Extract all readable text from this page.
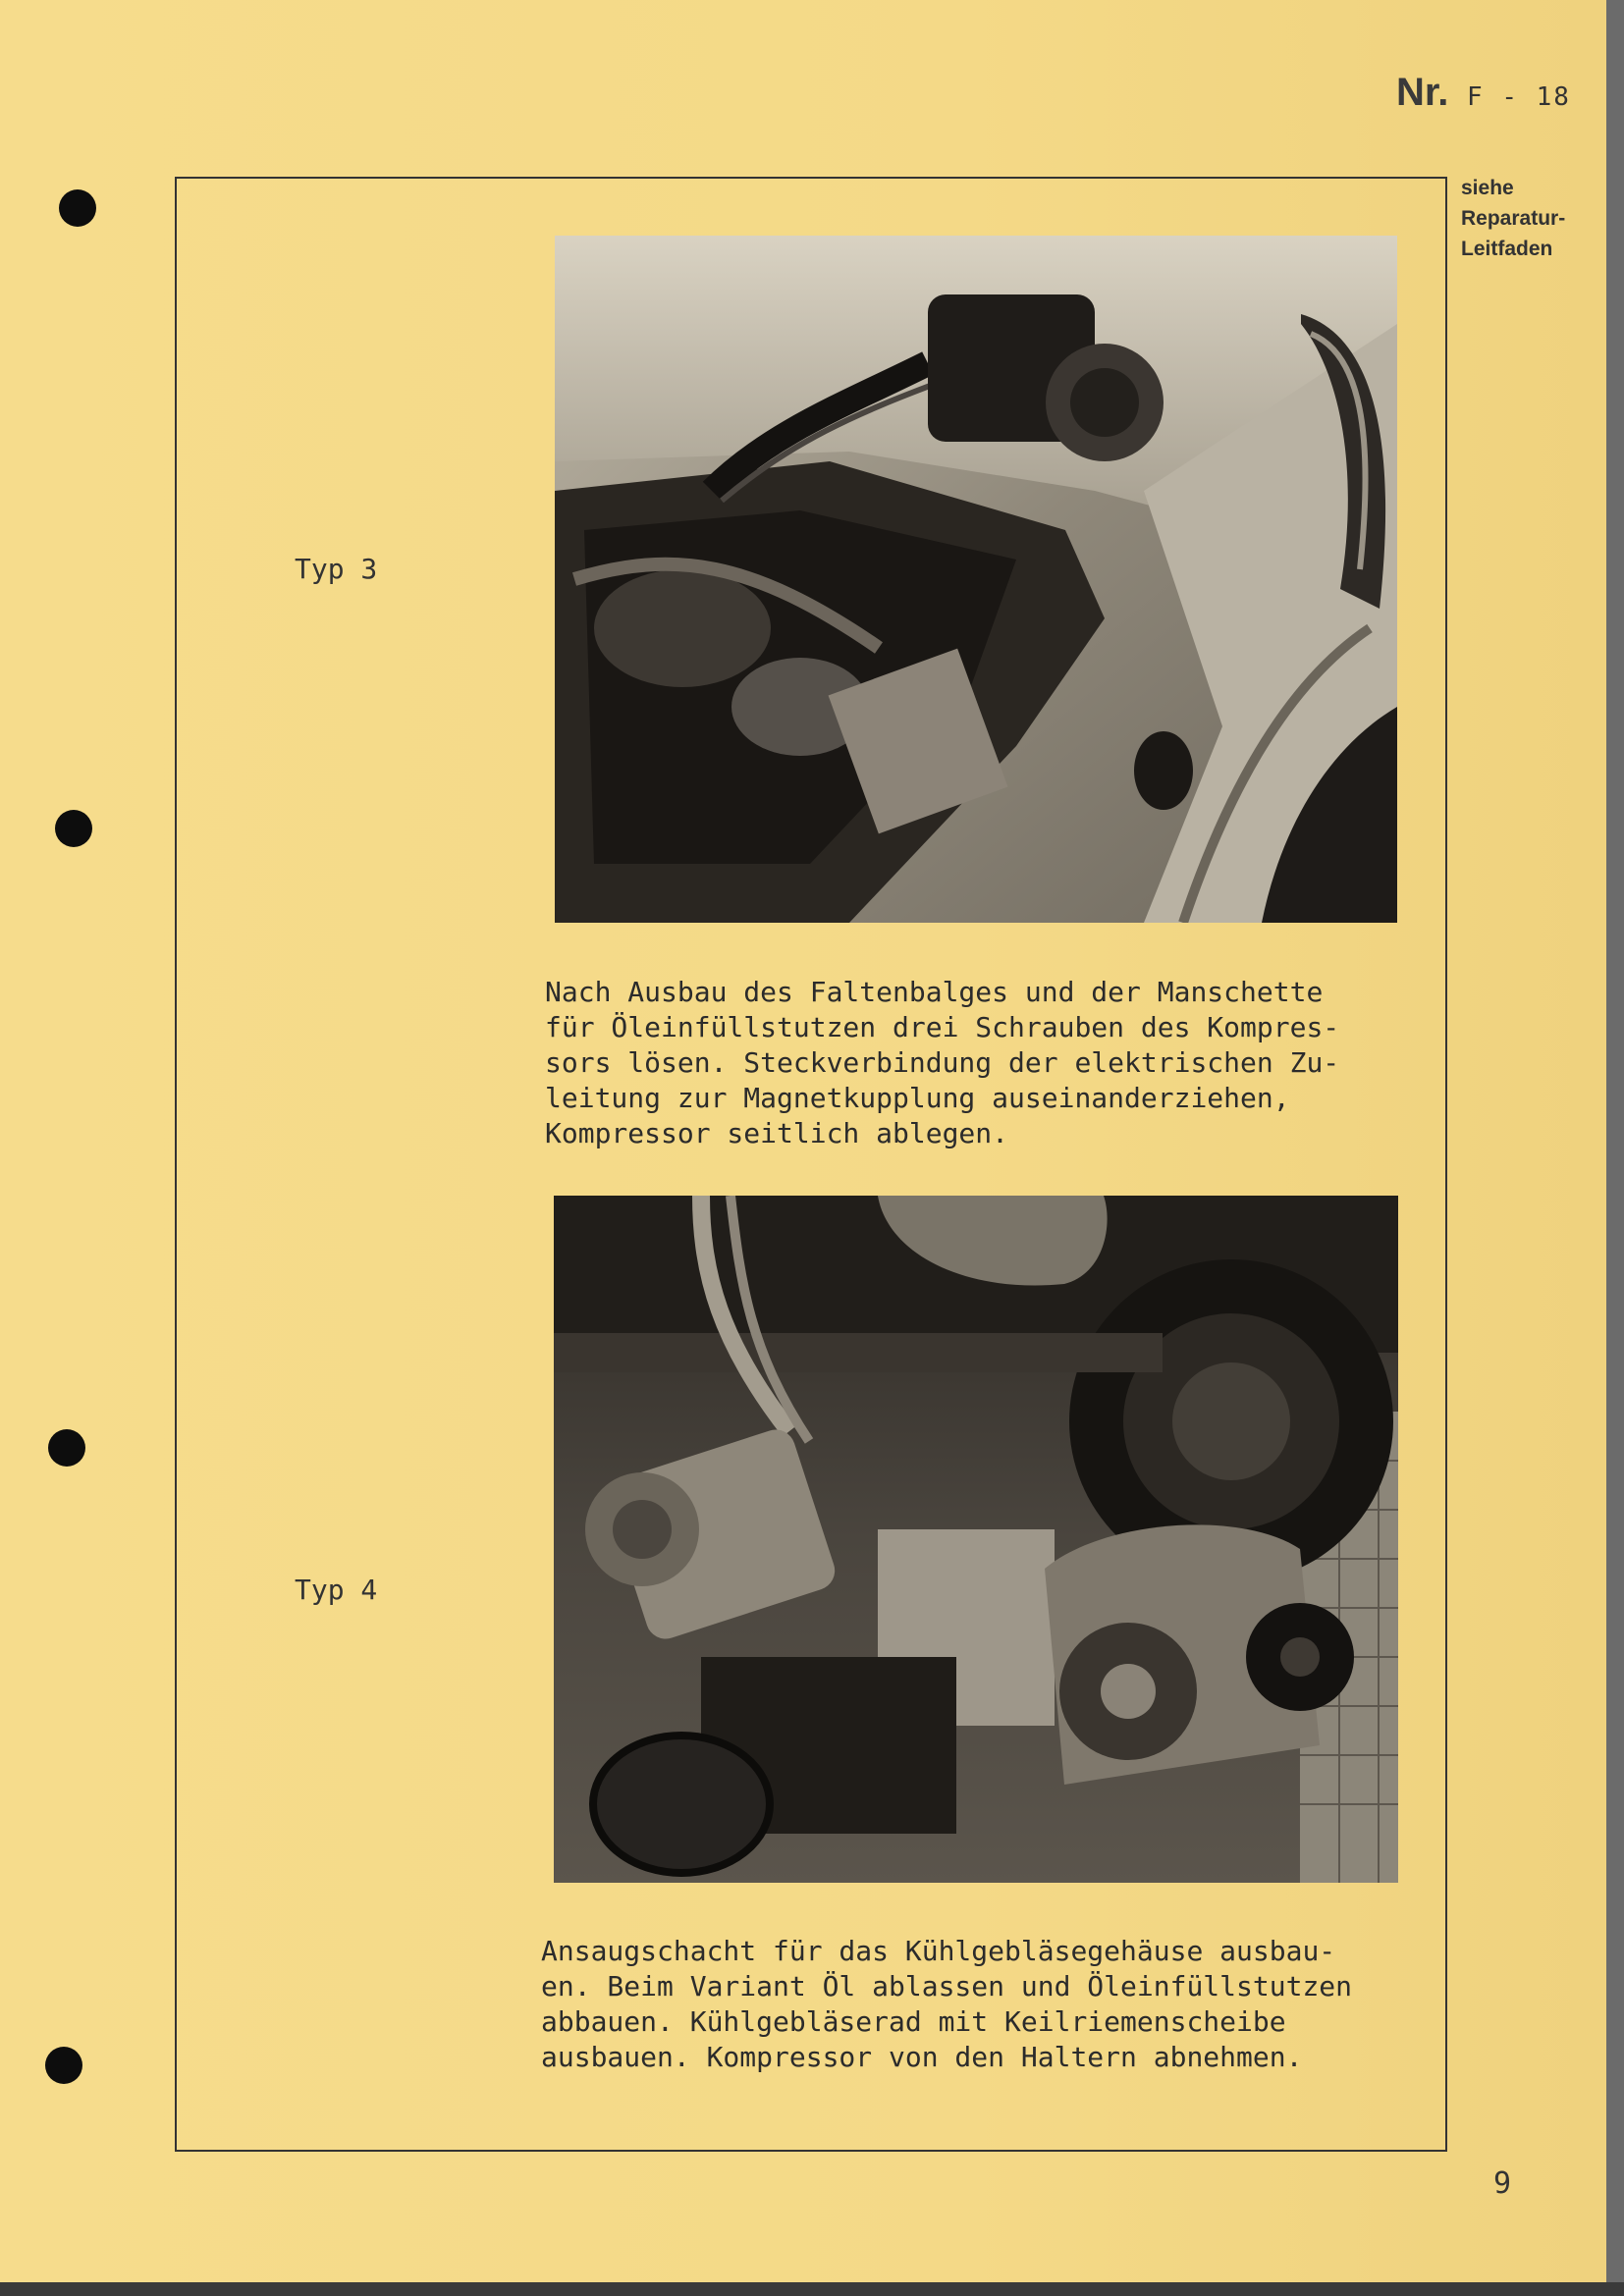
Nr. F - 18
siehe
Reparatur-
Leitfaden
Typ 3
Nach Ausbau des Faltenbalges und der Manschette
für Öleinfüllstutzen drei Schrauben des Kompres-
sors lösen. Steckverbindung der elektrischen Zu-
leitung zur Magnetkupplung auseinanderziehen,
Kompressor seitlich ablegen.
Typ 4
Ansaugschacht für das Kühlgebläsegehäuse ausbau-
en. Beim Variant Öl ablassen und Öleinfüllstutzen
abbauen. Kühlgebläserad mit Keilriemenscheibe
ausbauen. Kompressor von den Haltern abnehmen.
9
